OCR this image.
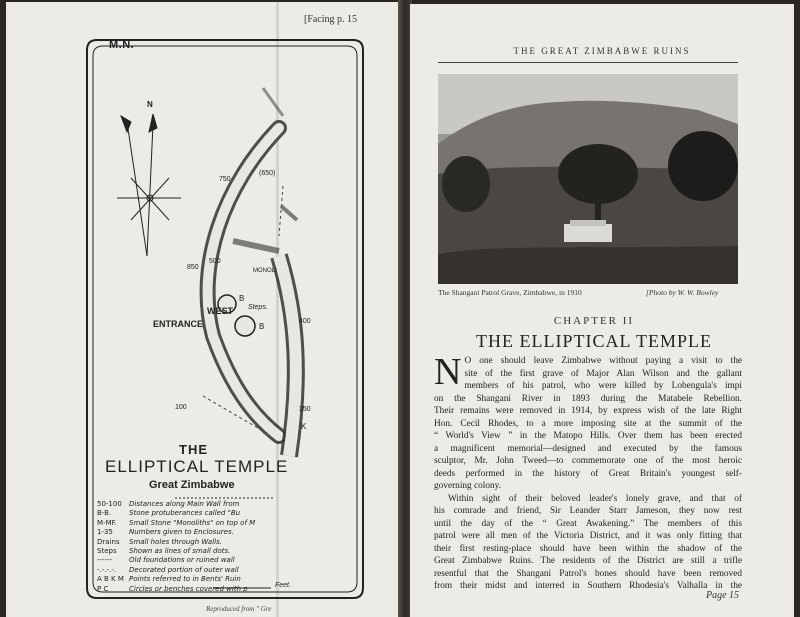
[Facing p. 15
M.N.
N
WEST
ENTRANCE
Steps.
B
B
K
750
(650)
500
400
350
850
100
MONOLI
THE
ELLIPTICAL TEMPLE
Great Zimbabwe
50-100	Distances along Main Wall from
B-B.	Stone protuberances called "Bu
M-MF.	Small Stone "Monoliths" on top of M
1-35	Numbers given to Enclosures.
Drains	Small holes through Walls.
Steps	Shown as lines of small dots.
------	Old foundations or ruined wall
-.-.-.-.	Decorated portion of outer wall
A B K M Points referred to in Bents' Ruin
P C	Circles or benches covered with p	Feet.
Reproduced from " Gre
THE GREAT ZIMBABWE RUINS
The Shangani Patrol Grave, Zimbabwe, in 1910	[Photo by W. W. Bowley
CHAPTER II
THE ELLIPTICAL TEMPLE
N O one should leave Zimbabwe without paying a visit to the
site of the first grave of Major Alan Wilson and the gallant
members of his patrol, who were killed by Lobengula's impi
on the Shangani River in 1893 during the Matabele Rebellion.
Their remains were removed in 1914, by express wish of the late Right
Hon. Cecil Rhodes, to a more imposing site at the summit of the
“ World's View ” in the Matopo Hills. Over them has been erected
a magnificent memorial—designed and executed by the famous
sculptor, Mr. John Tweed—to commemorate one of the most heroic
deeds performed in the history of Great Britain's youngest self-
governing colony.
Within sight of their beloved leader's lonely grave, and that of
his comrade and friend, Sir Leander Starr Jameson, they now rest
until the day of the “ Great Awakening.” The members of this
patrol were all men of the Victoria District, and it was only fitting that
their first resting-place should have been within the shadow of the
Great Zimbabwe Ruins. The residents of the District are still a trifle
resentful that the Shangani Patrol's bones should have been removed
from their midst and interred in Southern Rhodesia's Valhalla in the
Page 15
